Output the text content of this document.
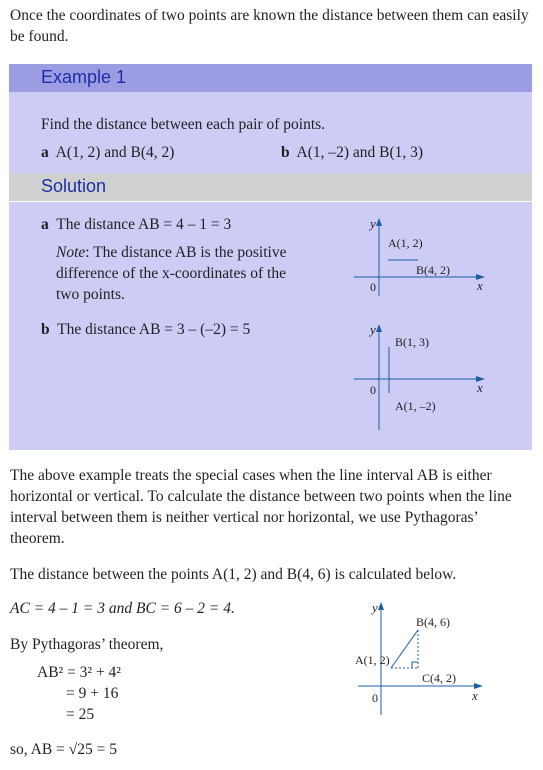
Once the coordinates of two points are known the distance between them can easily be found.
Example 1
Find the distance between each pair of points.
a A(1, 2) and B(4, 2)	b A(1, –2) and B(1, 3)
Solution
a The distance AB = 4 – 1 = 3
Note: The distance AB is the positive difference of the x-coordinates of the two points.
b The distance AB = 3 – (–2) = 5
y
x
0
A(1, 2)
B(4, 2)
y
x
0
B(1, 3)
A(1, –2)
The above example treats the special cases when the line interval AB is either horizontal or vertical. To calculate the distance between two points when the line interval between them is neither vertical nor horizontal, we use Pythagoras’ theorem.
The distance between the points A(1, 2) and B(4, 6) is calculated below.
AC = 4 – 1 = 3 and BC = 6 – 2 = 4.
By Pythagoras’ theorem,
AB² = 3² + 4²
= 9 + 16
= 25
so, AB = √25 = 5
y
x
0
B(4, 6)
A(1, 2)
C(4, 2)
